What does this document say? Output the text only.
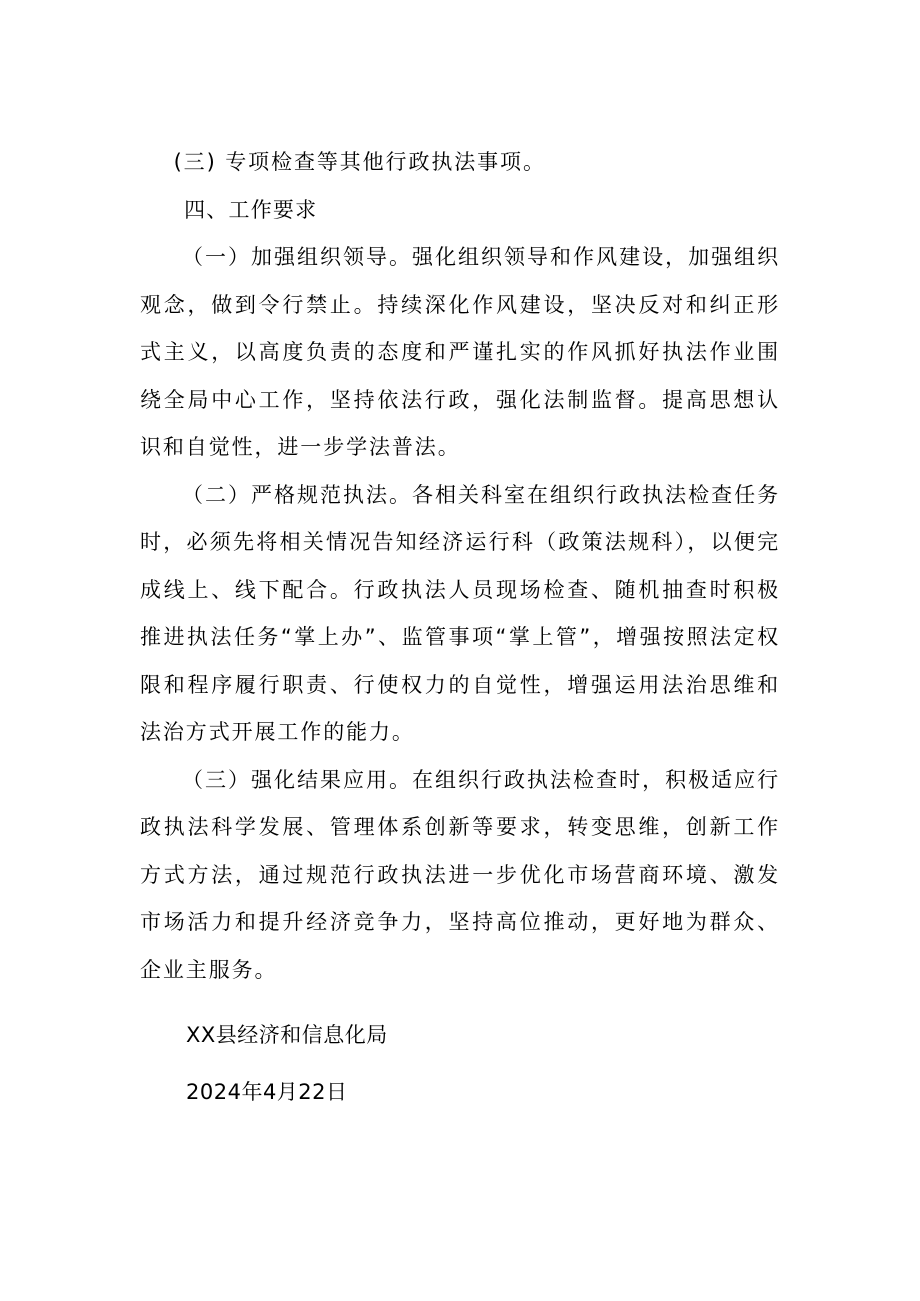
(三) 专项检查等其他行政执法事项。

四、工作要求

（一）加强组织领导。强化组织领导和作风建设，加强组织观念，做到令行禁止。持续深化作风建设，坚决反对和纠正形式主义，以高度负责的态度和严谨扎实的作风抓好执法作业围绕全局中心工作，坚持依法行政，强化法制监督。提高思想认识和自觉性，进一步学法普法。

（二）严格规范执法。各相关科室在组织行政执法检查任务时，必须先将相关情况告知经济运行科（政策法规科），以便完成线上、线下配合。行政执法人员现场检查、随机抽查时积极推进执法任务“掌上办”、监管事项“掌上管”，增强按照法定权限和程序履行职责、行使权力的自觉性，增强运用法治思维和法治方式开展工作的能力。

（三）强化结果应用。在组织行政执法检查时，积极适应行政执法科学发展、管理体系创新等要求，转变思维，创新工作方式方法，通过规范行政执法进一步优化市场营商环境、激发市场活力和提升经济竞争力，坚持高位推动，更好地为群众、企业主服务。

XX县经济和信息化局
2024年4月22日
